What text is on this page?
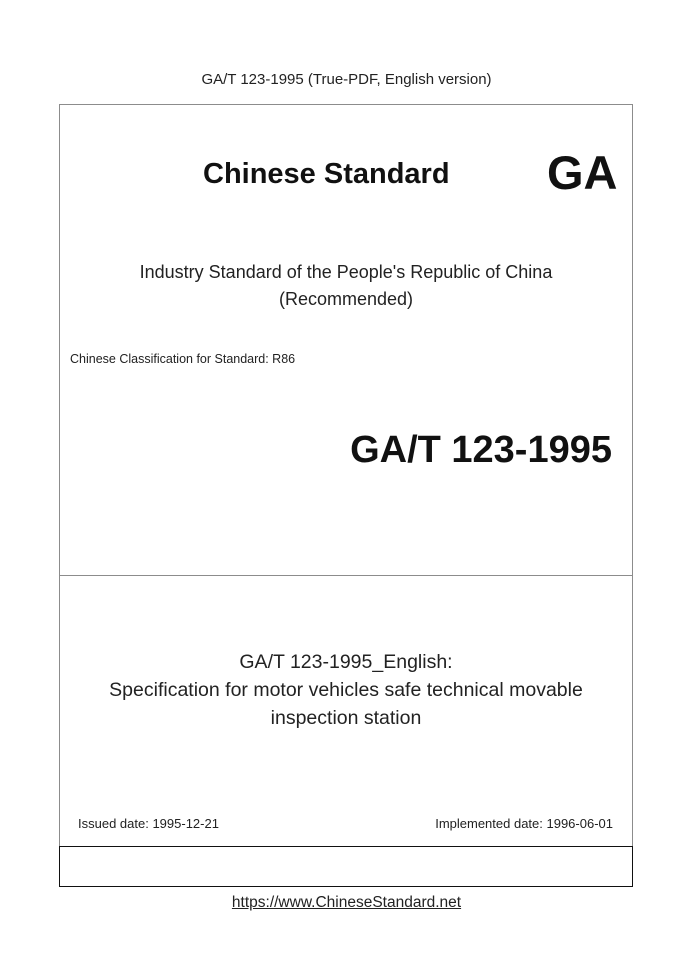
GA/T 123-1995 (True-PDF, English version)
Chinese Standard GA
Industry Standard of the People's Republic of China
(Recommended)
Chinese Classification for Standard: R86
GA/T 123-1995
GA/T 123-1995_English:
Specification for motor vehicles safe technical movable
inspection station
Issued date: 1995-12-21	Implemented date: 1996-06-01
https://www.ChineseStandard.net
